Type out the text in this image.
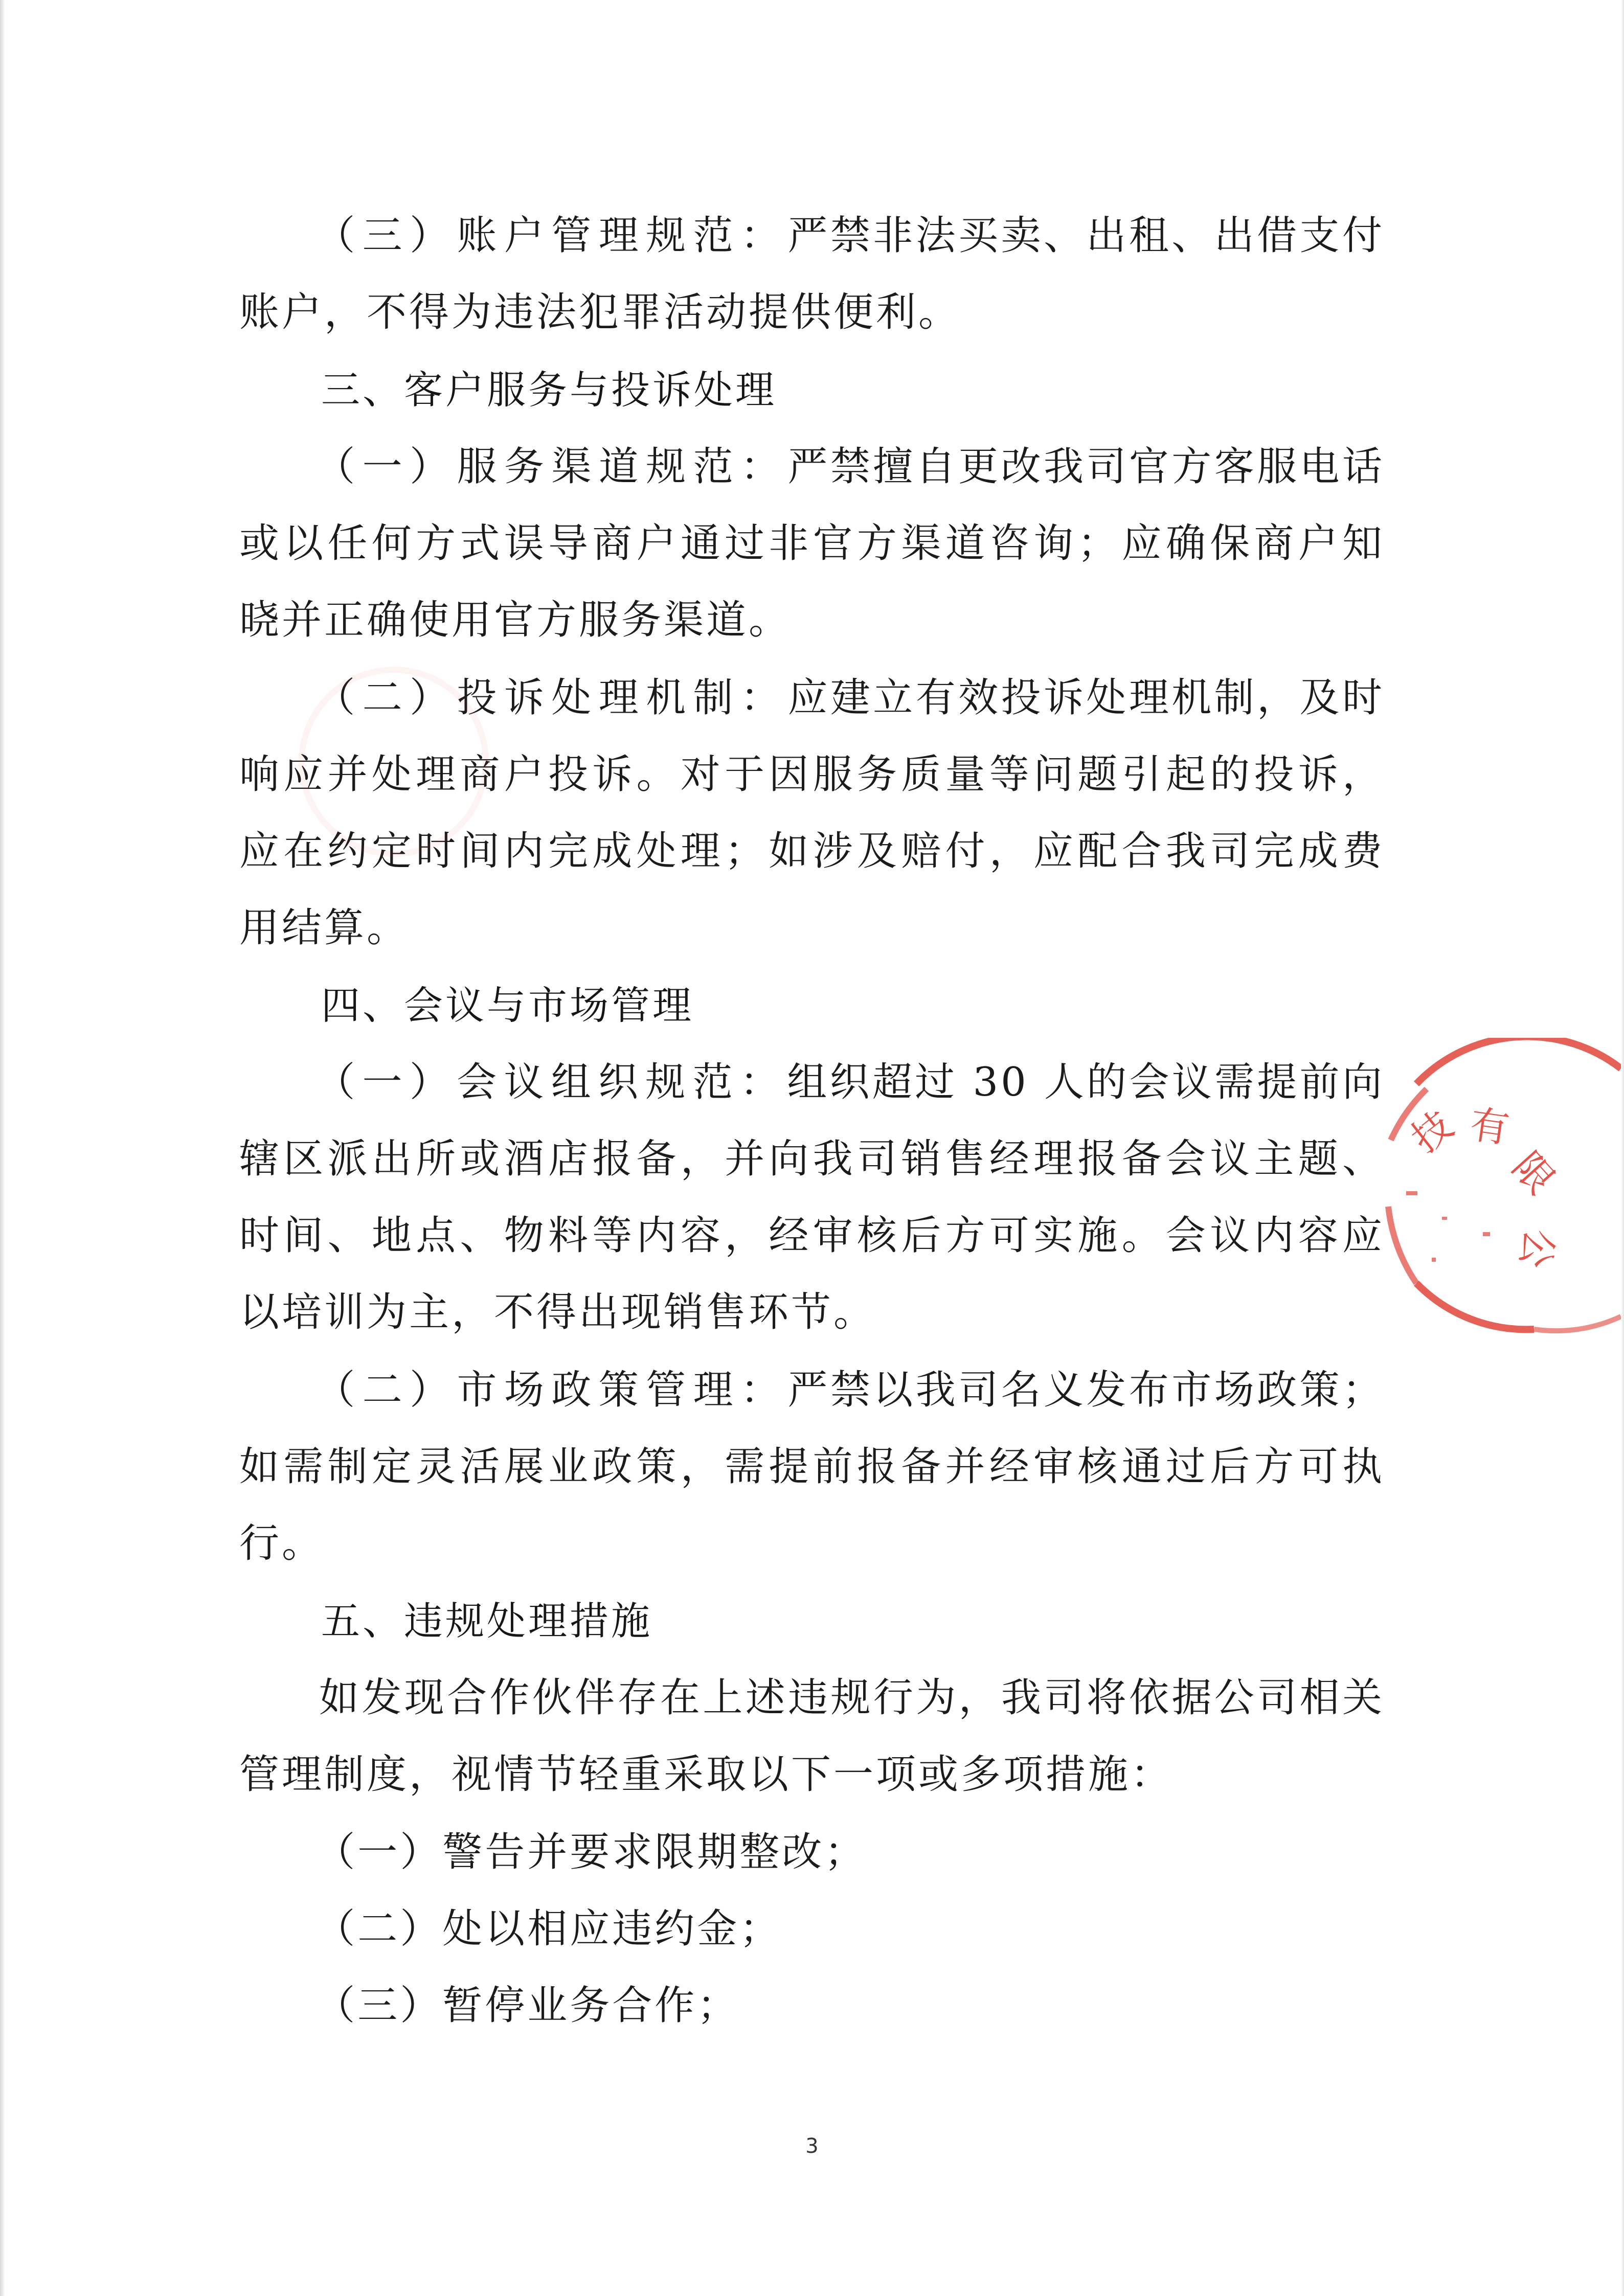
（三）账户管理规范：严禁非法买卖、出租、出借支付账户，不得为违法犯罪活动提供便利。

三、客户服务与投诉处理

（一）服务渠道规范：严禁擅自更改我司官方客服电话或以任何方式误导商户通过非官方渠道咨询；应确保商户知晓并正确使用官方服务渠道。

（二）投诉处理机制：应建立有效投诉处理机制，及时响应并处理商户投诉。对于因服务质量等问题引起的投诉，应在约定时间内完成处理；如涉及赔付，应配合我司完成费用结算。

四、会议与市场管理

（一）会议组织规范：组织超过 30 人的会议需提前向辖区派出所或酒店报备，并向我司销售经理报备会议主题、时间、地点、物料等内容，经审核后方可实施。会议内容应以培训为主，不得出现销售环节。

（二）市场政策管理：严禁以我司名义发布市场政策；如需制定灵活展业政策，需提前报备并经审核通过后方可执行。

五、违规处理措施

如发现合作伙伴存在上述违规行为，我司将依据公司相关管理制度，视情节轻重采取以下一项或多项措施：

（一）警告并要求限期整改；

（二）处以相应违约金；

（三）暂停业务合作；

3
技 有
限
公
